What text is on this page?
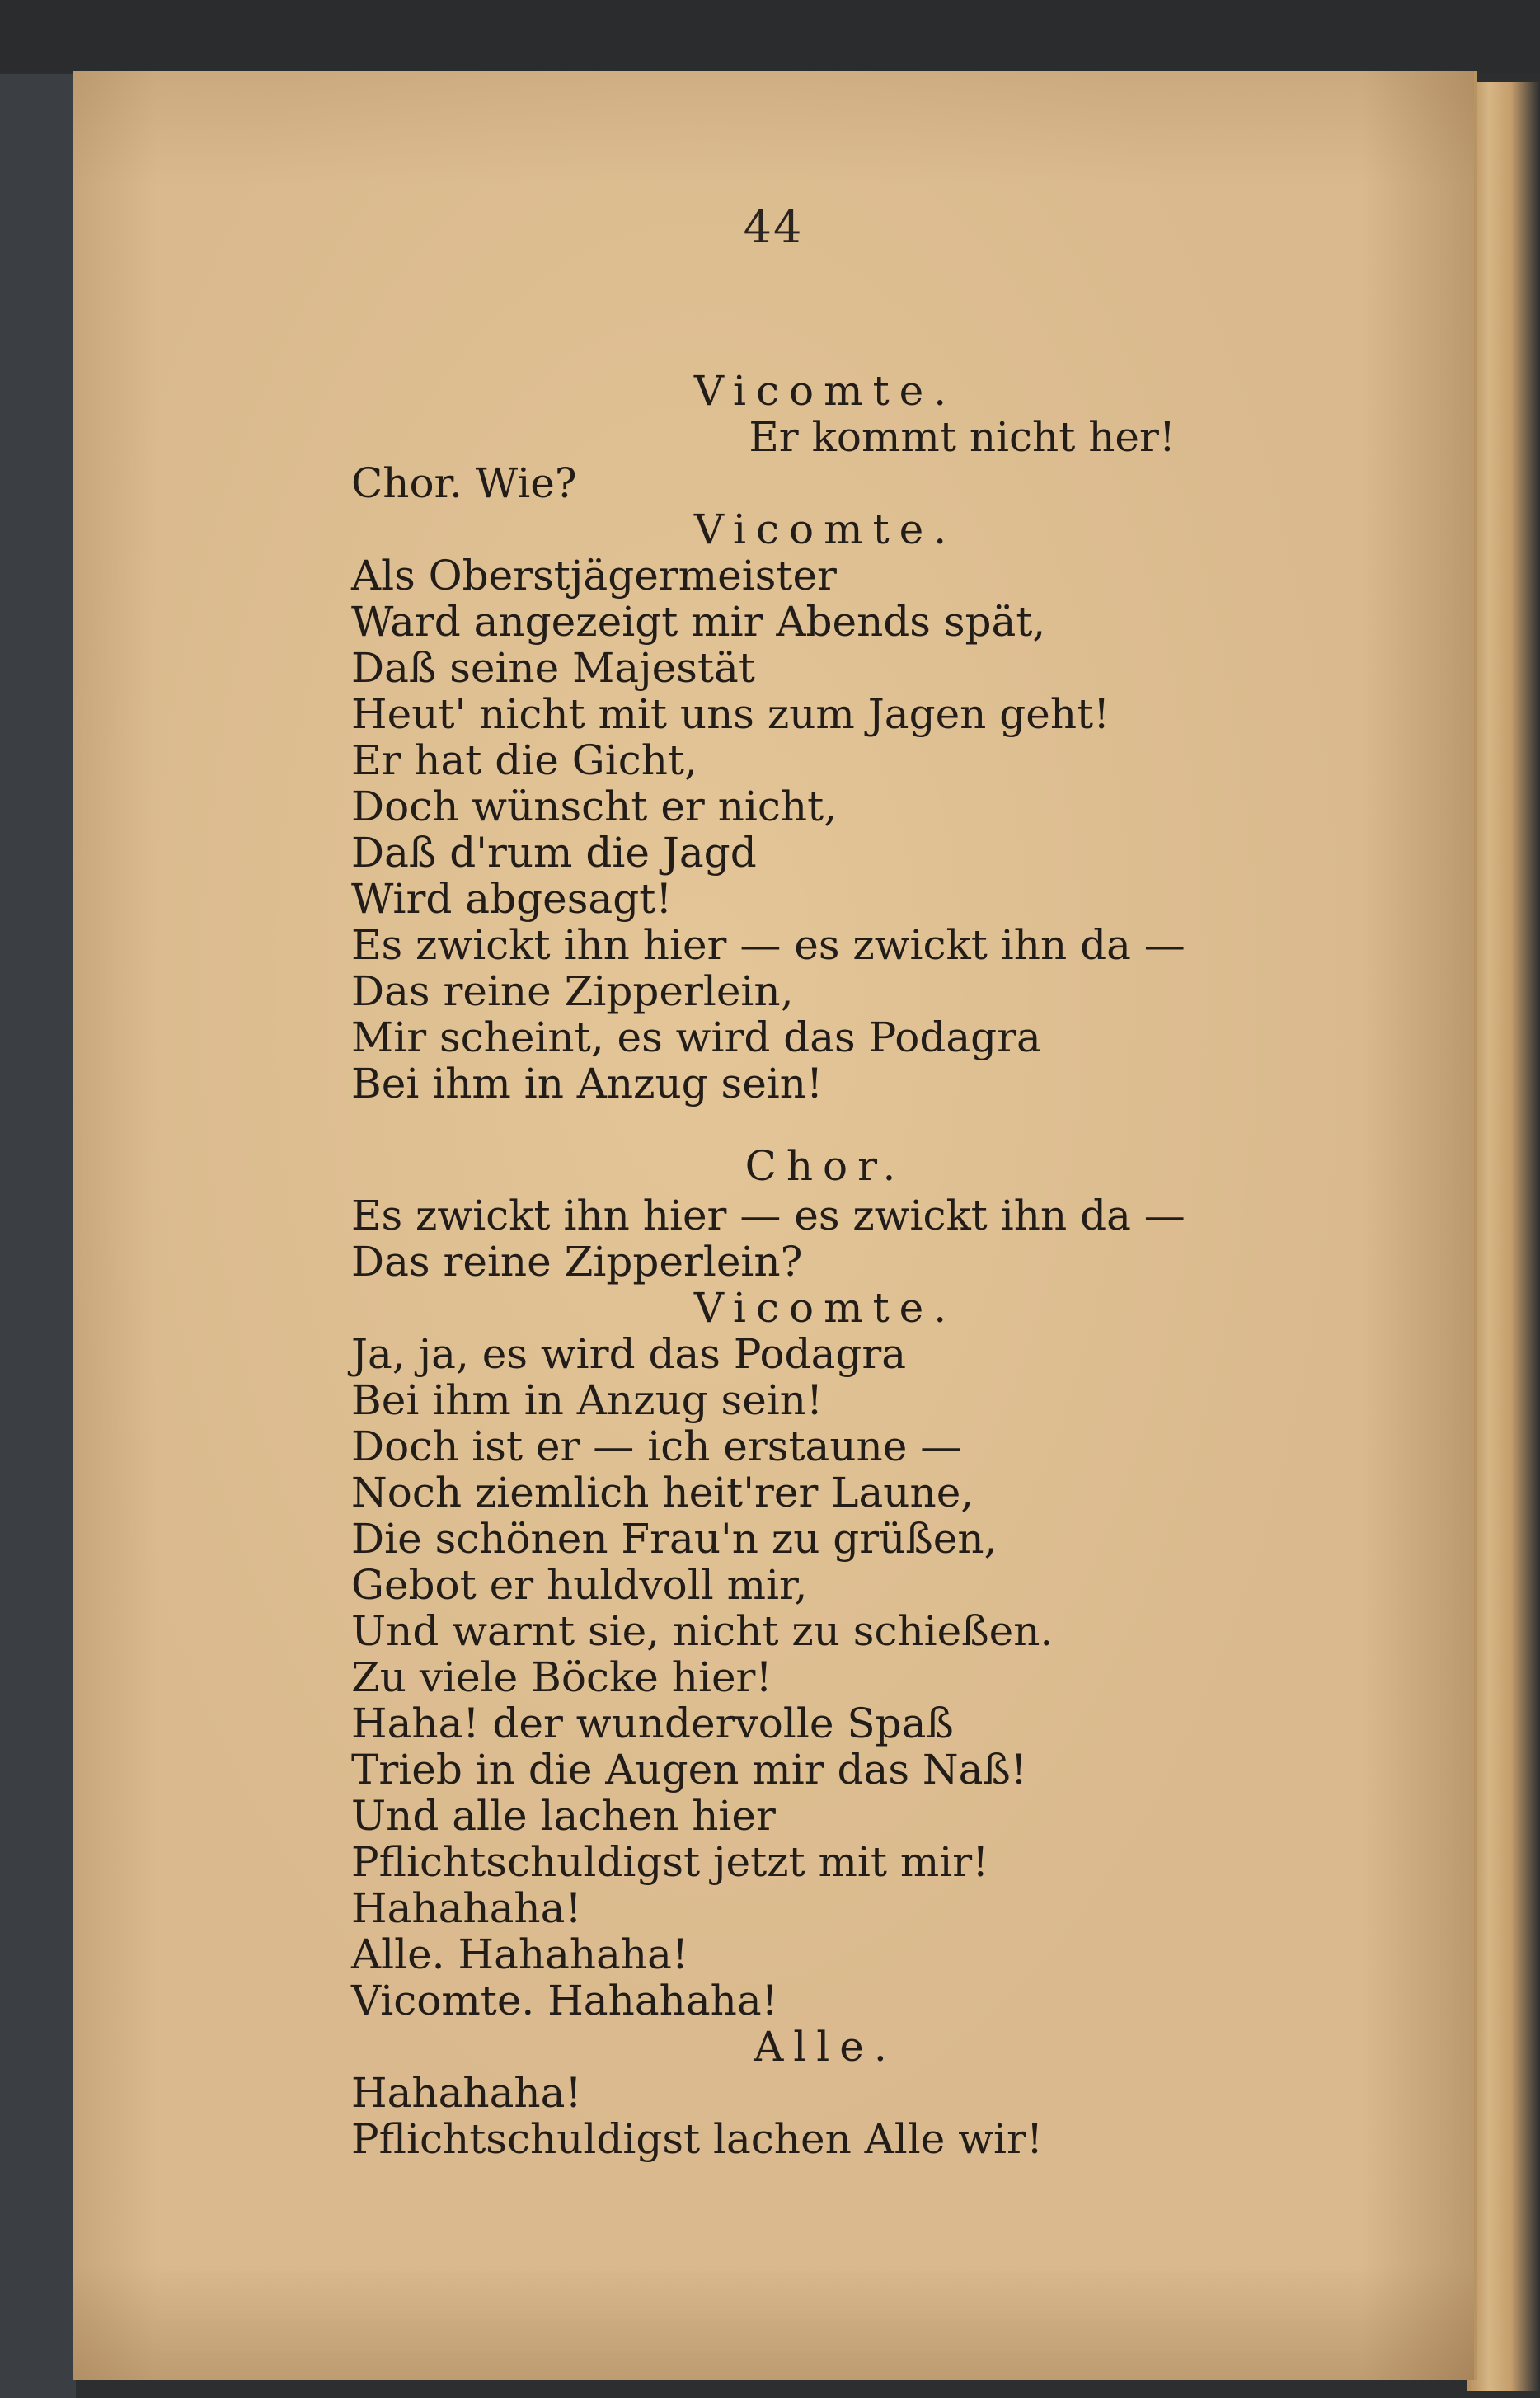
44
Vicomte.
Er kommt nicht her!
Chor. Wie?
Vicomte.
Als Oberstjägermeister
Ward angezeigt mir Abends spät,
Daß seine Majestät
Heut' nicht mit uns zum Jagen geht!
Er hat die Gicht,
Doch wünscht er nicht,
Daß d'rum die Jagd
Wird abgesagt!
Es zwickt ihn hier — es zwickt ihn da —
Das reine Zipperlein,
Mir scheint, es wird das Podagra
Bei ihm in Anzug sein!
Chor.
Es zwickt ihn hier — es zwickt ihn da —
Das reine Zipperlein?
Vicomte.
Ja, ja, es wird das Podagra
Bei ihm in Anzug sein!
Doch ist er — ich erstaune —
Noch ziemlich heit'rer Laune,
Die schönen Frau'n zu grüßen,
Gebot er huldvoll mir,
Und warnt sie, nicht zu schießen.
Zu viele Böcke hier!
Haha! der wundervolle Spaß
Trieb in die Augen mir das Naß!
Und alle lachen hier
Pflichtschuldigst jetzt mit mir!
Hahahaha!
Alle. Hahahaha!
Vicomte. Hahahaha!
Alle.
Hahahaha!
Pflichtschuldigst lachen Alle wir!
